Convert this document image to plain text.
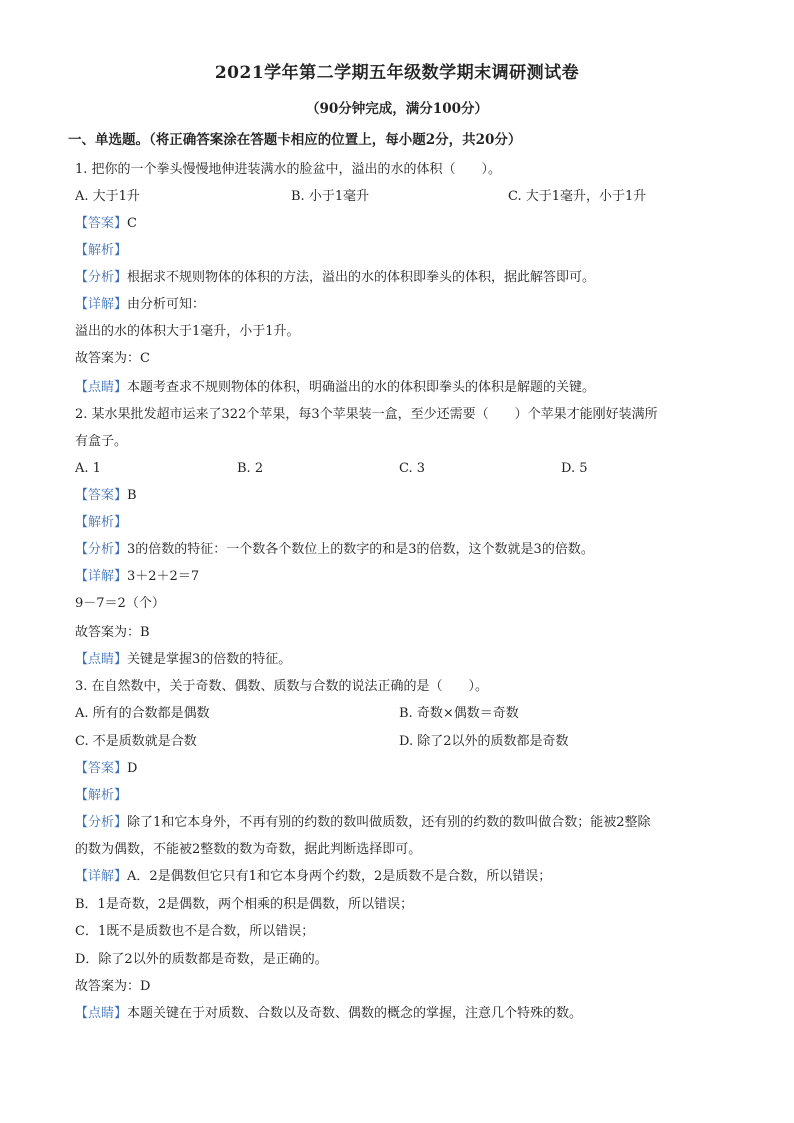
2021学年第二学期五年级数学期末调研测试卷
（90分钟完成，满分100分）
一、单选题。（将正确答案涂在答题卡相应的位置上，每小题2分，共20分）
1. 把你的一个拳头慢慢地伸进装满水的脸盆中，溢出的水的体积（　　）。
A. 大于1升	B. 小于1毫升	C. 大于1毫升，小于1升
【答案】C
【解析】
【分析】根据求不规则物体的体积的方法，溢出的水的体积即拳头的体积，据此解答即可。
【详解】由分析可知：
溢出的水的体积大于1毫升，小于1升。
故答案为：C
【点睛】本题考查求不规则物体的体积，明确溢出的水的体积即拳头的体积是解题的关键。
2. 某水果批发超市运来了322个苹果，每3个苹果装一盒，至少还需要（　　）个苹果才能刚好装满所
有盒子。
A. 1	B. 2	C. 3	D. 5
【答案】B
【解析】
【分析】3的倍数的特征：一个数各个数位上的数字的和是3的倍数，这个数就是3的倍数。
【详解】3＋2＋2＝7
9－7＝2（个）
故答案为：B
【点睛】关键是掌握3的倍数的特征。
3. 在自然数中，关于奇数、偶数、质数与合数的说法正确的是（　　）。
A. 所有的合数都是偶数	B. 奇数×偶数＝奇数
C. 不是质数就是合数	D. 除了2以外的质数都是奇数
【答案】D
【解析】
【分析】除了1和它本身外，不再有别的约数的数叫做质数，还有别的约数的数叫做合数；能被2整除
的数为偶数，不能被2整数的数为奇数，据此判断选择即可。
【详解】A．2是偶数但它只有1和它本身两个约数，2是质数不是合数，所以错误；
B．1是奇数，2是偶数，两个相乘的积是偶数，所以错误；
C．1既不是质数也不是合数，所以错误；
D．除了2以外的质数都是奇数，是正确的。
故答案为：D
【点睛】本题关键在于对质数、合数以及奇数、偶数的概念的掌握，注意几个特殊的数。
